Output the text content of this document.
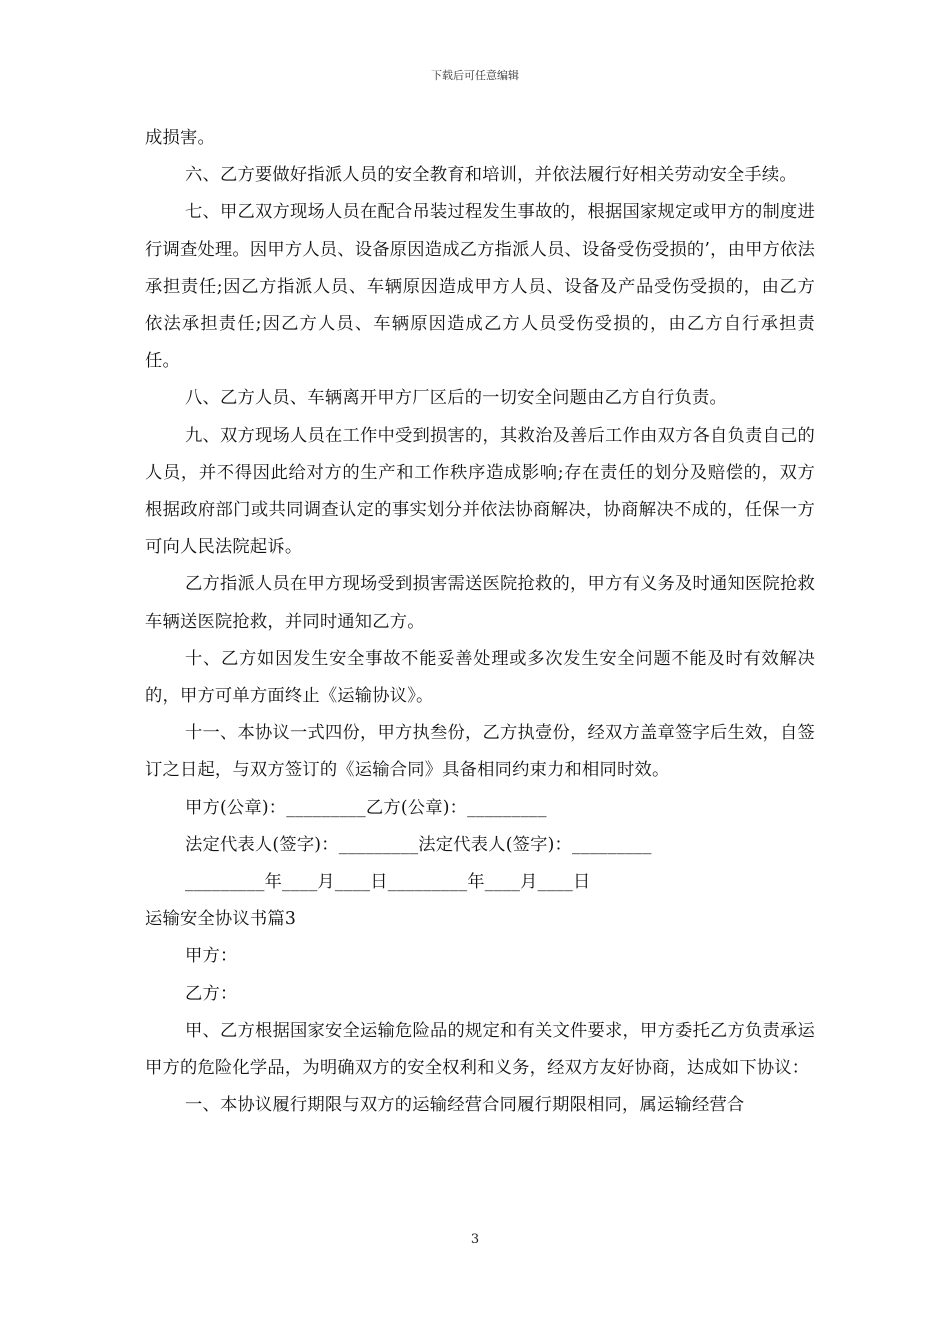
下载后可任意编辑

成损害。

六、乙方要做好指派人员的安全教育和培训，并依法履行好相关劳动安全手续。

七、甲乙双方现场人员在配合吊装过程发生事故的，根据国家规定或甲方的制度进行调查处理。因甲方人员、设备原因造成乙方指派人员、设备受伤受损的’，由甲方依法承担责任;因乙方指派人员、车辆原因造成甲方人员、设备及产品受伤受损的，由乙方依法承担责任;因乙方人员、车辆原因造成乙方人员受伤受损的，由乙方自行承担责任。

八、乙方人员、车辆离开甲方厂区后的一切安全问题由乙方自行负责。

九、双方现场人员在工作中受到损害的，其救治及善后工作由双方各自负责自己的人员，并不得因此给对方的生产和工作秩序造成影响;存在责任的划分及赔偿的，双方根据政府部门或共同调查认定的事实划分并依法协商解决，协商解决不成的，任保一方可向人民法院起诉。

乙方指派人员在甲方现场受到损害需送医院抢救的，甲方有义务及时通知医院抢救车辆送医院抢救，并同时通知乙方。

十、乙方如因发生安全事故不能妥善处理或多次发生安全问题不能及时有效解决的，甲方可单方面终止《运输协议》。

十一、本协议一式四份，甲方执叁份，乙方执壹份，经双方盖章签字后生效，自签订之日起，与双方签订的《运输合同》具备相同约束力和相同时效。

甲方(公章)：_________乙方(公章)：_________

法定代表人(签字)：_________法定代表人(签字)：_________

_________年____月____日_________年____月____日

运输安全协议书篇3

甲方：

乙方：

甲、乙方根据国家安全运输危险品的规定和有关文件要求，甲方委托乙方负责承运甲方的危险化学品，为明确双方的安全权利和义务，经双方友好协商，达成如下协议：

一、本协议履行期限与双方的运输经营合同履行期限相同，属运输经营合

3
